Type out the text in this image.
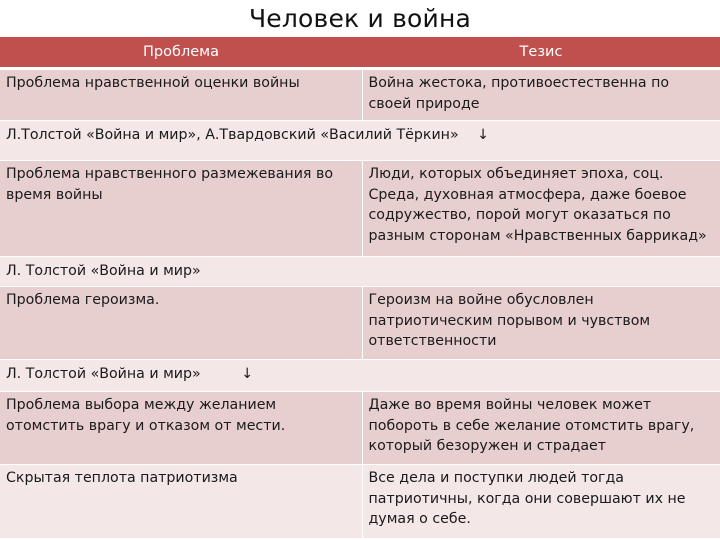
Человек и война
Проблема	Тезис
Проблема нравственной оценки войны	Война жестока, противоестественна по своей природе
Л.Толстой «Война и мир», А.Твардовский «Василий Тёркин» ↓	
Проблема нравственного размежевания во время войны	Люди, которых объединяет эпоха, соц. Среда, духовная атмосфера, даже боевое содружество, порой могут оказаться по разным сторонам «Нравственных баррикад»
Л. Толстой «Война и мир»	
Проблема героизма.	Героизм на войне обусловлен патриотическим порывом и чувством ответственности
Л. Толстой «Война и мир» ↓	
Проблема выбора между желанием отомстить врагу и отказом от мести.	Даже во время войны человек может побороть в себе желание отомстить врагу, который безоружен и страдает
Скрытая теплота патриотизма	Все дела и поступки людей тогда патриотичны, когда они совершают их не думая о себе.
